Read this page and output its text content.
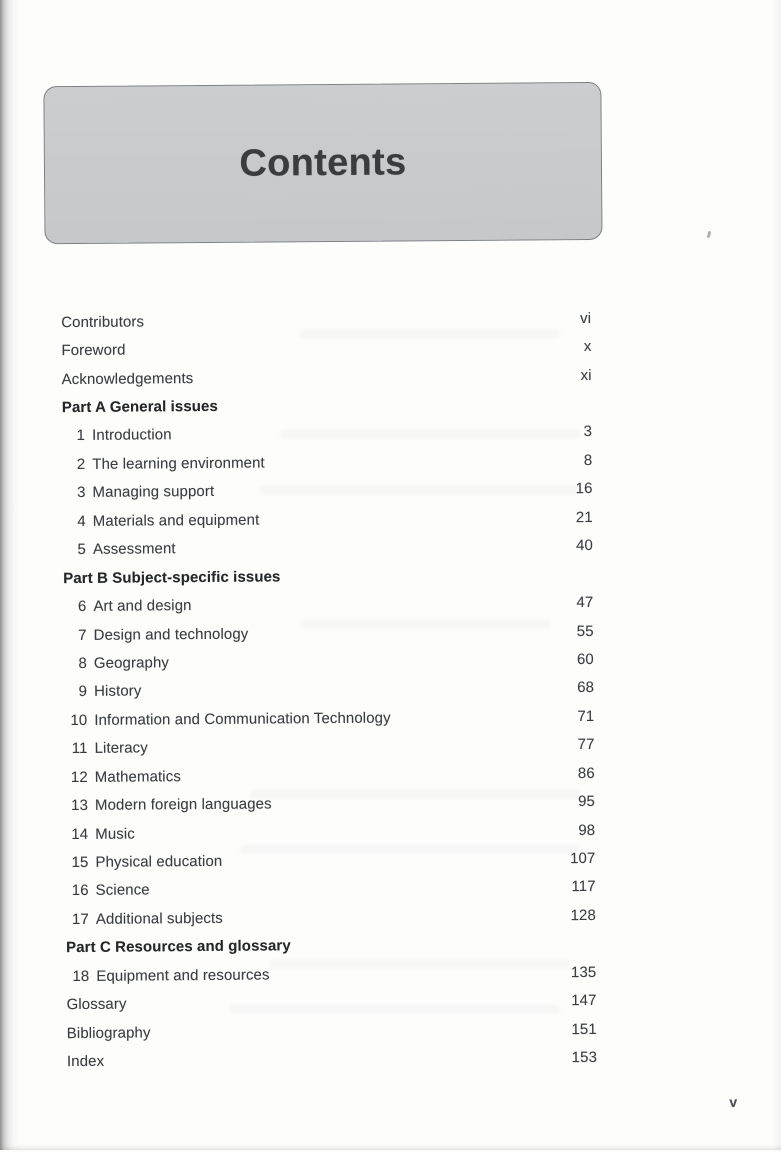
Contents
Contributors	vi
Foreword	x
Acknowledgements	xi
Part A General issues
1 Introduction	3
2 The learning environment	8
3 Managing support	16
4 Materials and equipment	21
5 Assessment	40
Part B Subject-specific issues
6 Art and design	47
7 Design and technology	55
8 Geography	60
9 History	68
10 Information and Communication Technology	71
11 Literacy	77
12 Mathematics	86
13 Modern foreign languages	95
14 Music	98
15 Physical education	107
16 Science	117
17 Additional subjects	128
Part C Resources and glossary
18 Equipment and resources	135
Glossary	147
Bibliography	151
Index	153
v
